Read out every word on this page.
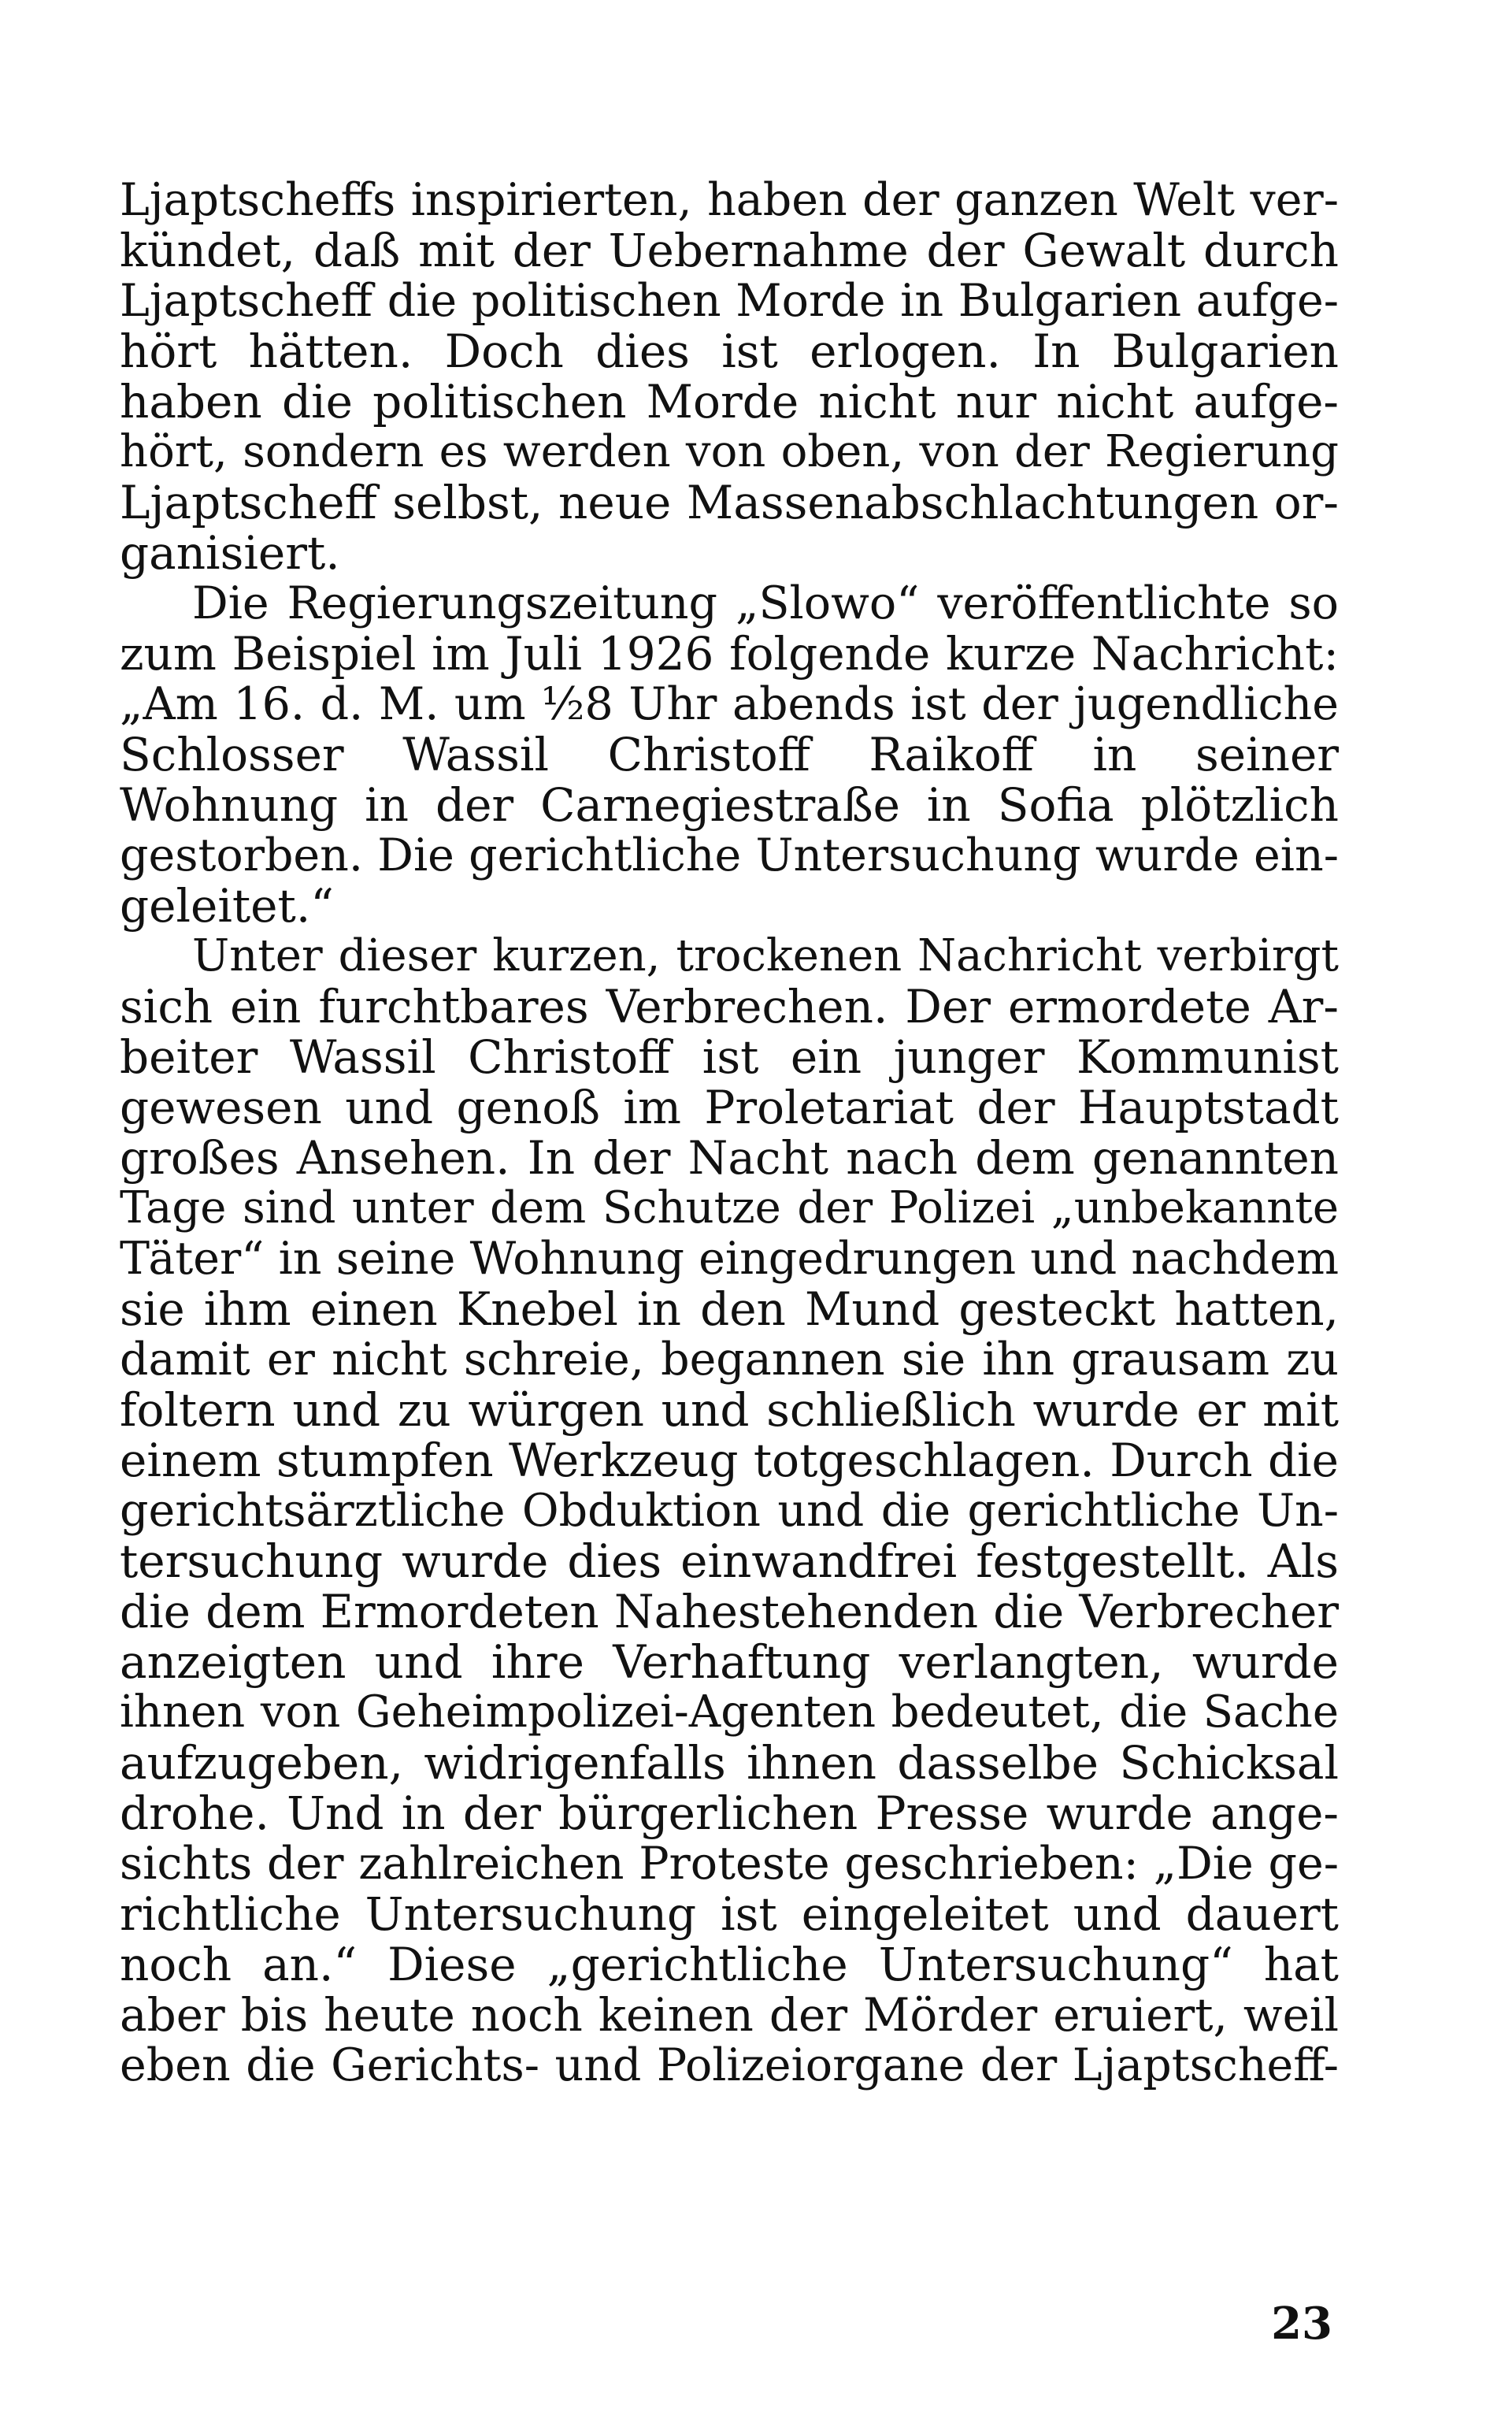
Ljaptscheffs inspirierten, haben der ganzen Welt ver-
kündet, daß mit der Uebernahme der Gewalt durch
Ljaptscheff die politischen Morde in Bulgarien aufge-
hört hätten. Doch dies ist erlogen. In Bulgarien
haben die politischen Morde nicht nur nicht aufge-
hört, sondern es werden von oben, von der Regierung
Ljaptscheff selbst, neue Massenabschlachtungen or-
ganisiert.
Die Regierungszeitung „Slowo“ veröffentlichte so
zum Beispiel im Juli 1926 folgende kurze Nachricht:
„Am 16. d. M. um ½8 Uhr abends ist der jugendliche
Schlosser Wassil Christoff Raikoff in seiner
Wohnung in der Carnegiestraße in Sofia plötzlich
gestorben. Die gerichtliche Untersuchung wurde ein-
geleitet.“
Unter dieser kurzen, trockenen Nachricht verbirgt
sich ein furchtbares Verbrechen. Der ermordete Ar-
beiter Wassil Christoff ist ein junger Kommunist
gewesen und genoß im Proletariat der Hauptstadt
großes Ansehen. In der Nacht nach dem genannten
Tage sind unter dem Schutze der Polizei „unbekannte
Täter“ in seine Wohnung eingedrungen und nachdem
sie ihm einen Knebel in den Mund gesteckt hatten,
damit er nicht schreie, begannen sie ihn grausam zu
foltern und zu würgen und schließlich wurde er mit
einem stumpfen Werkzeug totgeschlagen. Durch die
gerichtsärztliche Obduktion und die gerichtliche Un-
tersuchung wurde dies einwandfrei festgestellt. Als
die dem Ermordeten Nahestehenden die Verbrecher
anzeigten und ihre Verhaftung verlangten, wurde
ihnen von Geheimpolizei-Agenten bedeutet, die Sache
aufzugeben, widrigenfalls ihnen dasselbe Schicksal
drohe. Und in der bürgerlichen Presse wurde ange-
sichts der zahlreichen Proteste geschrieben: „Die ge-
richtliche Untersuchung ist eingeleitet und dauert
noch an.“ Diese „gerichtliche Untersuchung“ hat
aber bis heute noch keinen der Mörder eruiert, weil
eben die Gerichts- und Polizeiorgane der Ljaptscheff-
23
